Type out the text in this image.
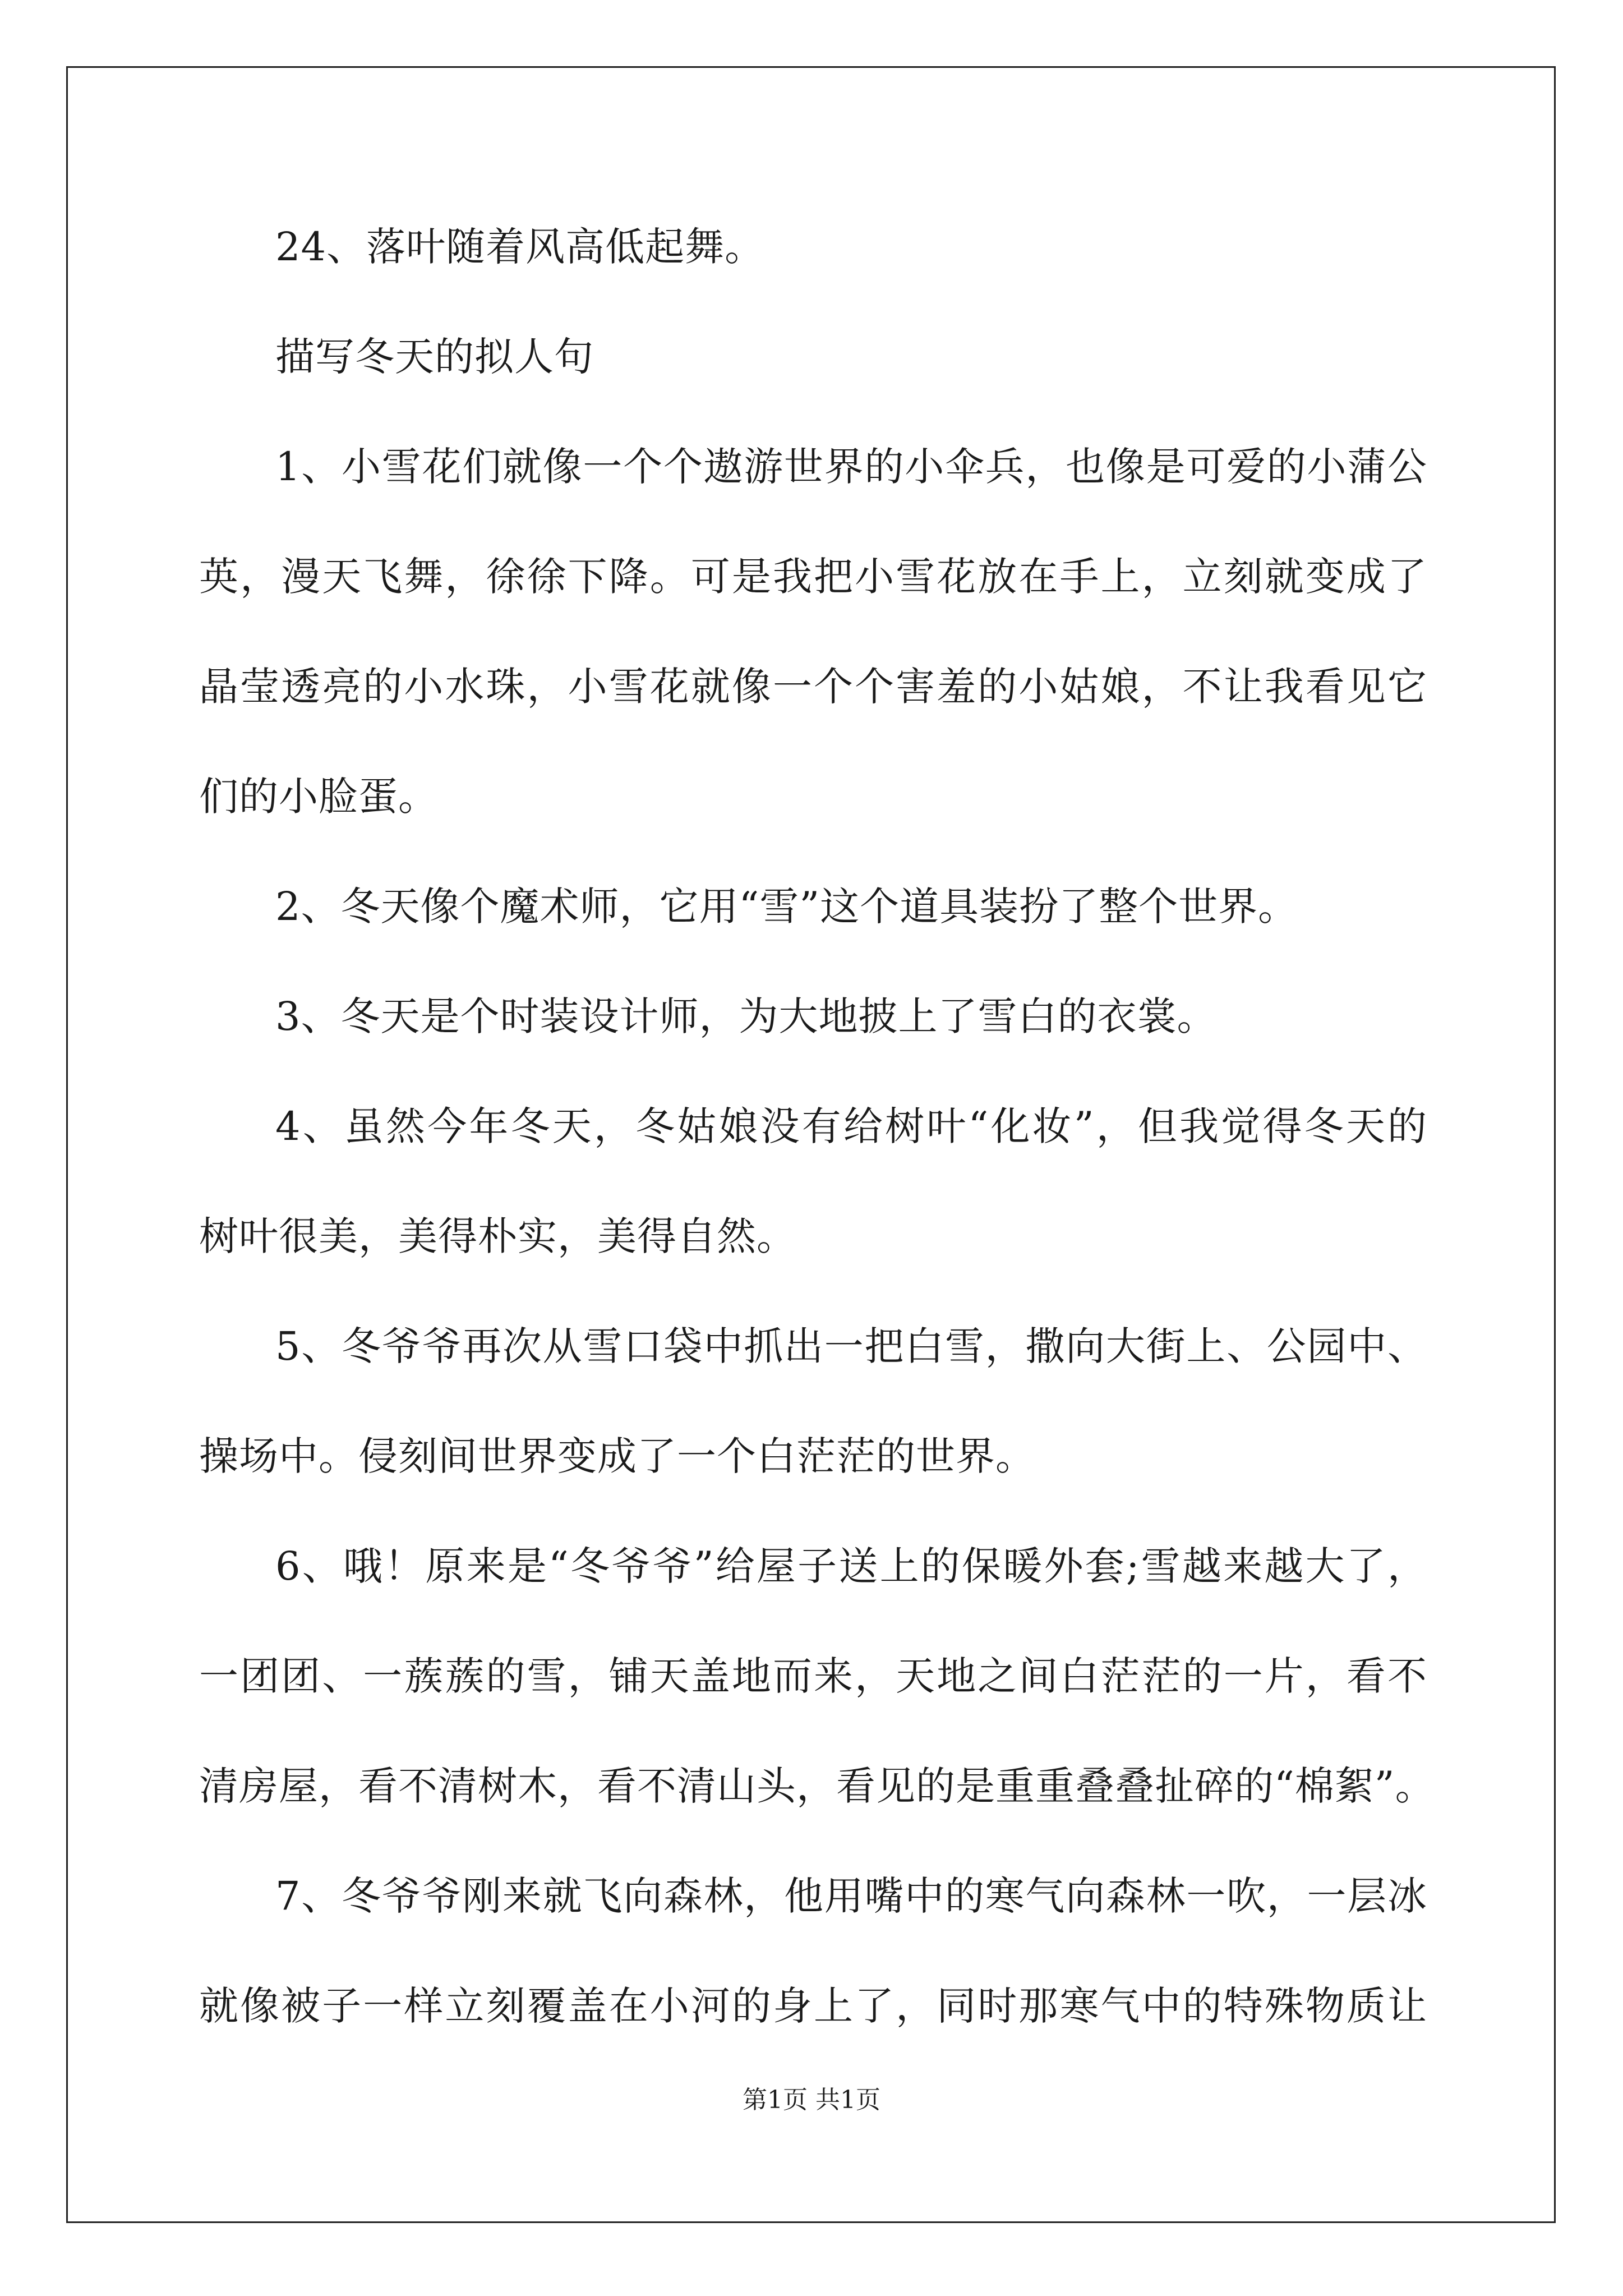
24、落叶随着风高低起舞。
描写冬天的拟人句
1、小雪花们就像一个个遨游世界的小伞兵，也像是可爱的小蒲公
英，漫天飞舞，徐徐下降。可是我把小雪花放在手上，立刻就变成了
晶莹透亮的小水珠，小雪花就像一个个害羞的小姑娘，不让我看见它
们的小脸蛋。
2、冬天像个魔术师，它用“雪”这个道具装扮了整个世界。
3、冬天是个时装设计师，为大地披上了雪白的衣裳。
4、虽然今年冬天，冬姑娘没有给树叶“化妆”，但我觉得冬天的
树叶很美，美得朴实，美得自然。
5、冬爷爷再次从雪口袋中抓出一把白雪，撒向大街上、公园中、
操场中。侵刻间世界变成了一个白茫茫的世界。
6、哦！原来是“冬爷爷”给屋子送上的保暖外套;雪越来越大了，
一团团、一蔟蔟的雪，铺天盖地而来，天地之间白茫茫的一片，看不
清房屋，看不清树木，看不清山头，看见的是重重叠叠扯碎的“棉絮”。
7、冬爷爷刚来就飞向森林，他用嘴中的寒气向森林一吹，一层冰
就像被子一样立刻覆盖在小河的身上了，同时那寒气中的特殊物质让
第1页 共1页
